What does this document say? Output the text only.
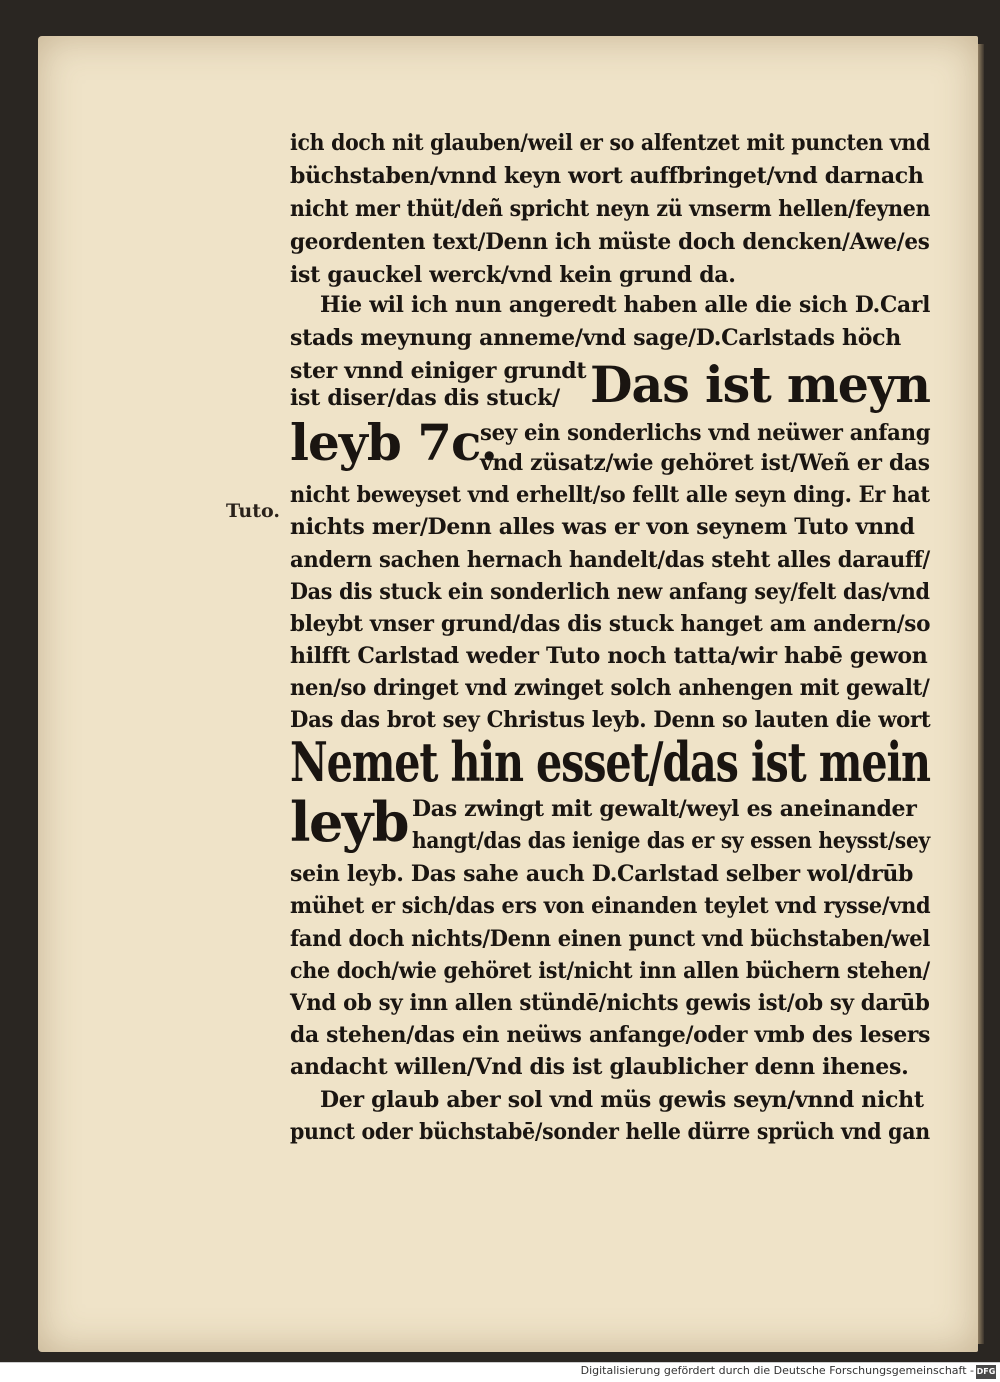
Tuto.
ich doch nit glauben/weil er so alfentzet mit puncten vnd
büchstaben/vnnd keyn wort auffbringet/vnd darnach
nicht mer thüt/deñ spricht neyn zü vnserm hellen/feynen
geordenten text/Denn ich müste doch dencken/Awe/es
ist gauckel werck/vnd kein grund da.
Hie wil ich nun angeredt haben alle die sich D.Carl
stads meynung anneme/vnd sage/D.Carlstads höch
ster vnnd einiger grundt
ist diser/das dis stuck/ Das ist meyn
leyb 7c.
sey ein sonderlichs vnd neüwer anfang
vnd züsatz/wie gehöret ist/Weñ er das
nicht beweyset vnd erhellt/so fellt alle seyn ding. Er hat
nichts mer/Denn alles was er von seynem Tuto vnnd
andern sachen hernach handelt/das steht alles darauff/
Das dis stuck ein sonderlich new anfang sey/felt das/vnd
bleybt vnser grund/das dis stuck hanget am andern/so
hilfft Carlstad weder Tuto noch tatta/wir habē gewon
nen/so dringet vnd zwinget solch anhengen mit gewalt/
Das das brot sey Christus leyb. Denn so lauten die wort
Nemet hin esset/das ist mein
leyb Das zwingt mit gewalt/weyl es aneinander
hangt/das das ienige das er sy essen heysst/sey
sein leyb. Das sahe auch D.Carlstad selber wol/drūb
mühet er sich/das ers von einanden teylet vnd rysse/vnd
fand doch nichts/Denn einen punct vnd büchstaben/wel
che doch/wie gehöret ist/nicht inn allen büchern stehen/
Vnd ob sy inn allen stündē/nichts gewis ist/ob sy darūb
da stehen/das ein neüws anfange/oder vmb des lesers
andacht willen/Vnd dis ist glaublicher denn ihenes.
Der glaub aber sol vnd müs gewis seyn/vnnd nicht
punct oder büchstabē/sonder helle dürre sprüch vnd gan
Digitalisierung gefördert durch die Deutsche Forschungsgemeinschaft - DFG
